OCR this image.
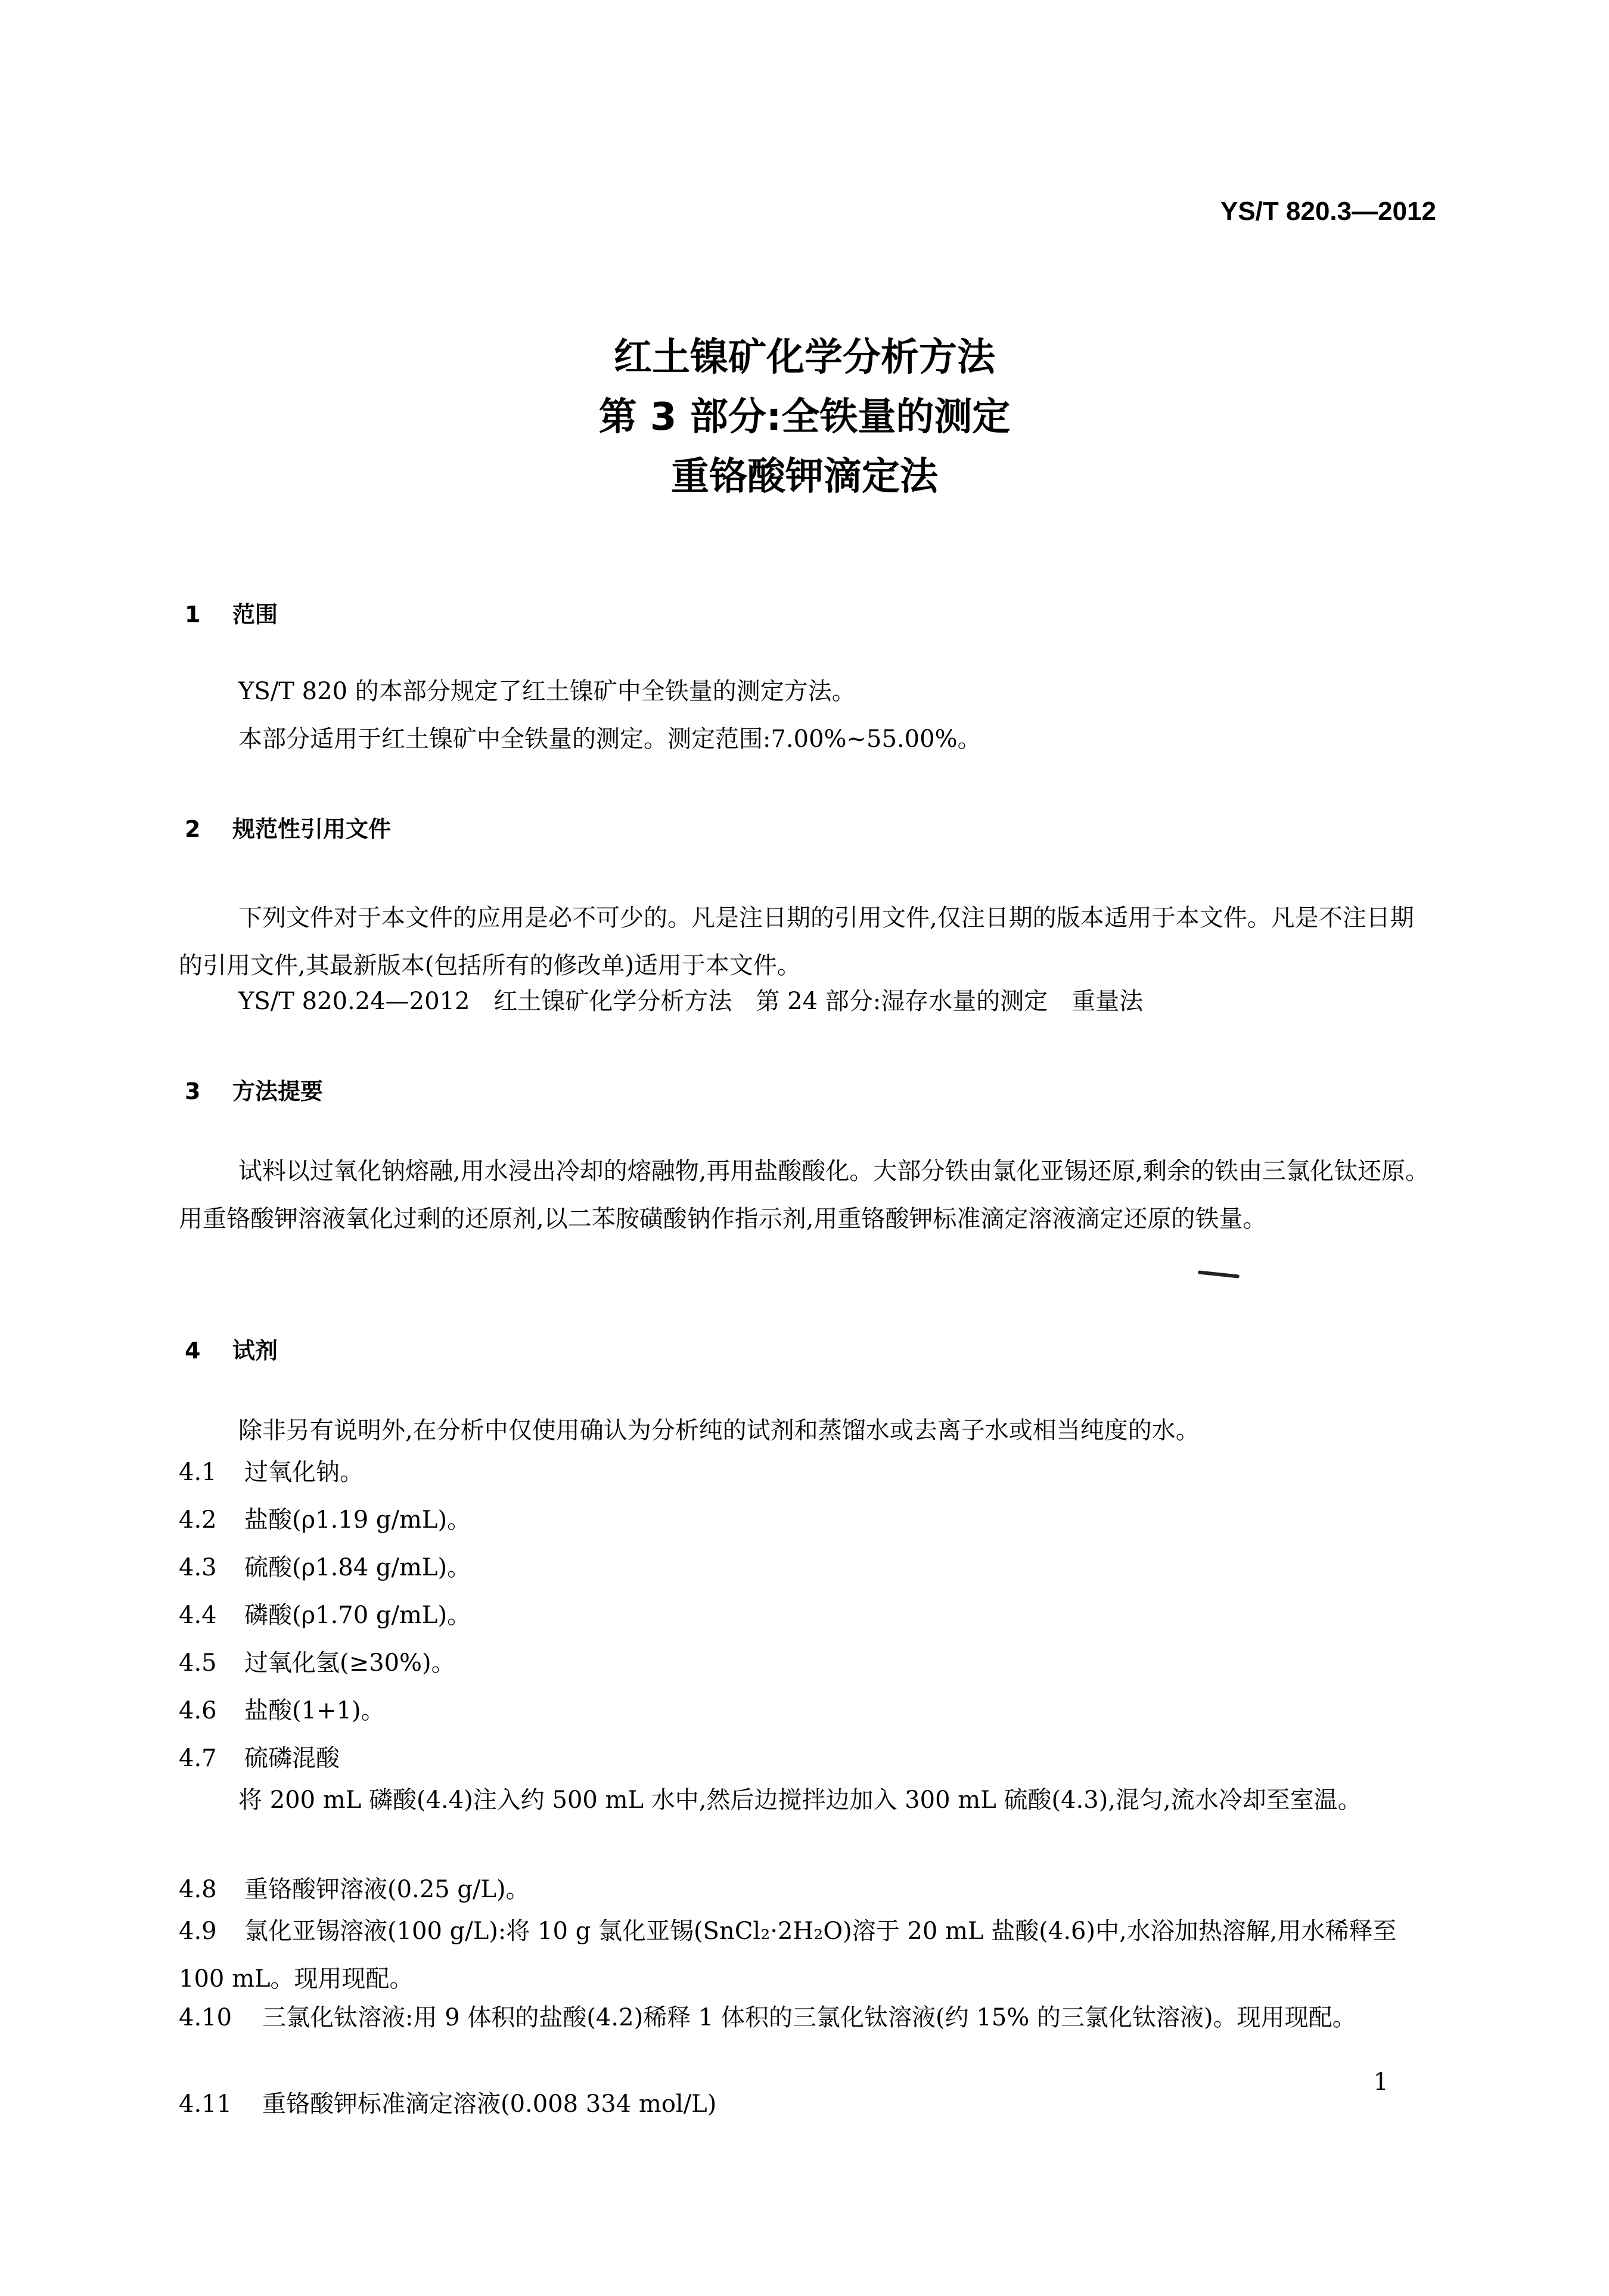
YS/T 820.3—2012
红土镍矿化学分析方法
第 3 部分:全铁量的测定
重铬酸钾滴定法
1 范围
YS/T 820 的本部分规定了红土镍矿中全铁量的测定方法。
本部分适用于红土镍矿中全铁量的测定。测定范围:7.00%~55.00%。
2 规范性引用文件
下列文件对于本文件的应用是必不可少的。凡是注日期的引用文件,仅注日期的版本适用于本文件。凡是不注日期的引用文件,其最新版本(包括所有的修改单)适用于本文件。
YS/T 820.24—2012　红土镍矿化学分析方法　第 24 部分:湿存水量的测定　重量法
3 方法提要
试料以过氧化钠熔融,用水浸出冷却的熔融物,再用盐酸酸化。大部分铁由氯化亚锡还原,剩余的铁由三氯化钛还原。用重铬酸钾溶液氧化过剩的还原剂,以二苯胺磺酸钠作指示剂,用重铬酸钾标准滴定溶液滴定还原的铁量。
4 试剂
除非另有说明外,在分析中仅使用确认为分析纯的试剂和蒸馏水或去离子水或相当纯度的水。
4.1 过氧化钠。
4.2 盐酸(ρ1.19 g/mL)。
4.3 硫酸(ρ1.84 g/mL)。
4.4 磷酸(ρ1.70 g/mL)。
4.5 过氧化氢(≥30%)。
4.6 盐酸(1+1)。
4.7 硫磷混酸
将 200 mL 磷酸(4.4)注入约 500 mL 水中,然后边搅拌边加入 300 mL 硫酸(4.3),混匀,流水冷却至室温。
4.8 重铬酸钾溶液(0.25 g/L)。
4.9 氯化亚锡溶液(100 g/L):将 10 g 氯化亚锡(SnCl₂·2H₂O)溶于 20 mL 盐酸(4.6)中,水浴加热溶解,用水稀释至 100 mL。现用现配。
4.10 三氯化钛溶液:用 9 体积的盐酸(4.2)稀释 1 体积的三氯化钛溶液(约 15% 的三氯化钛溶液)。现用现配。
4.11 重铬酸钾标准滴定溶液(0.008 334 mol/L)
1
